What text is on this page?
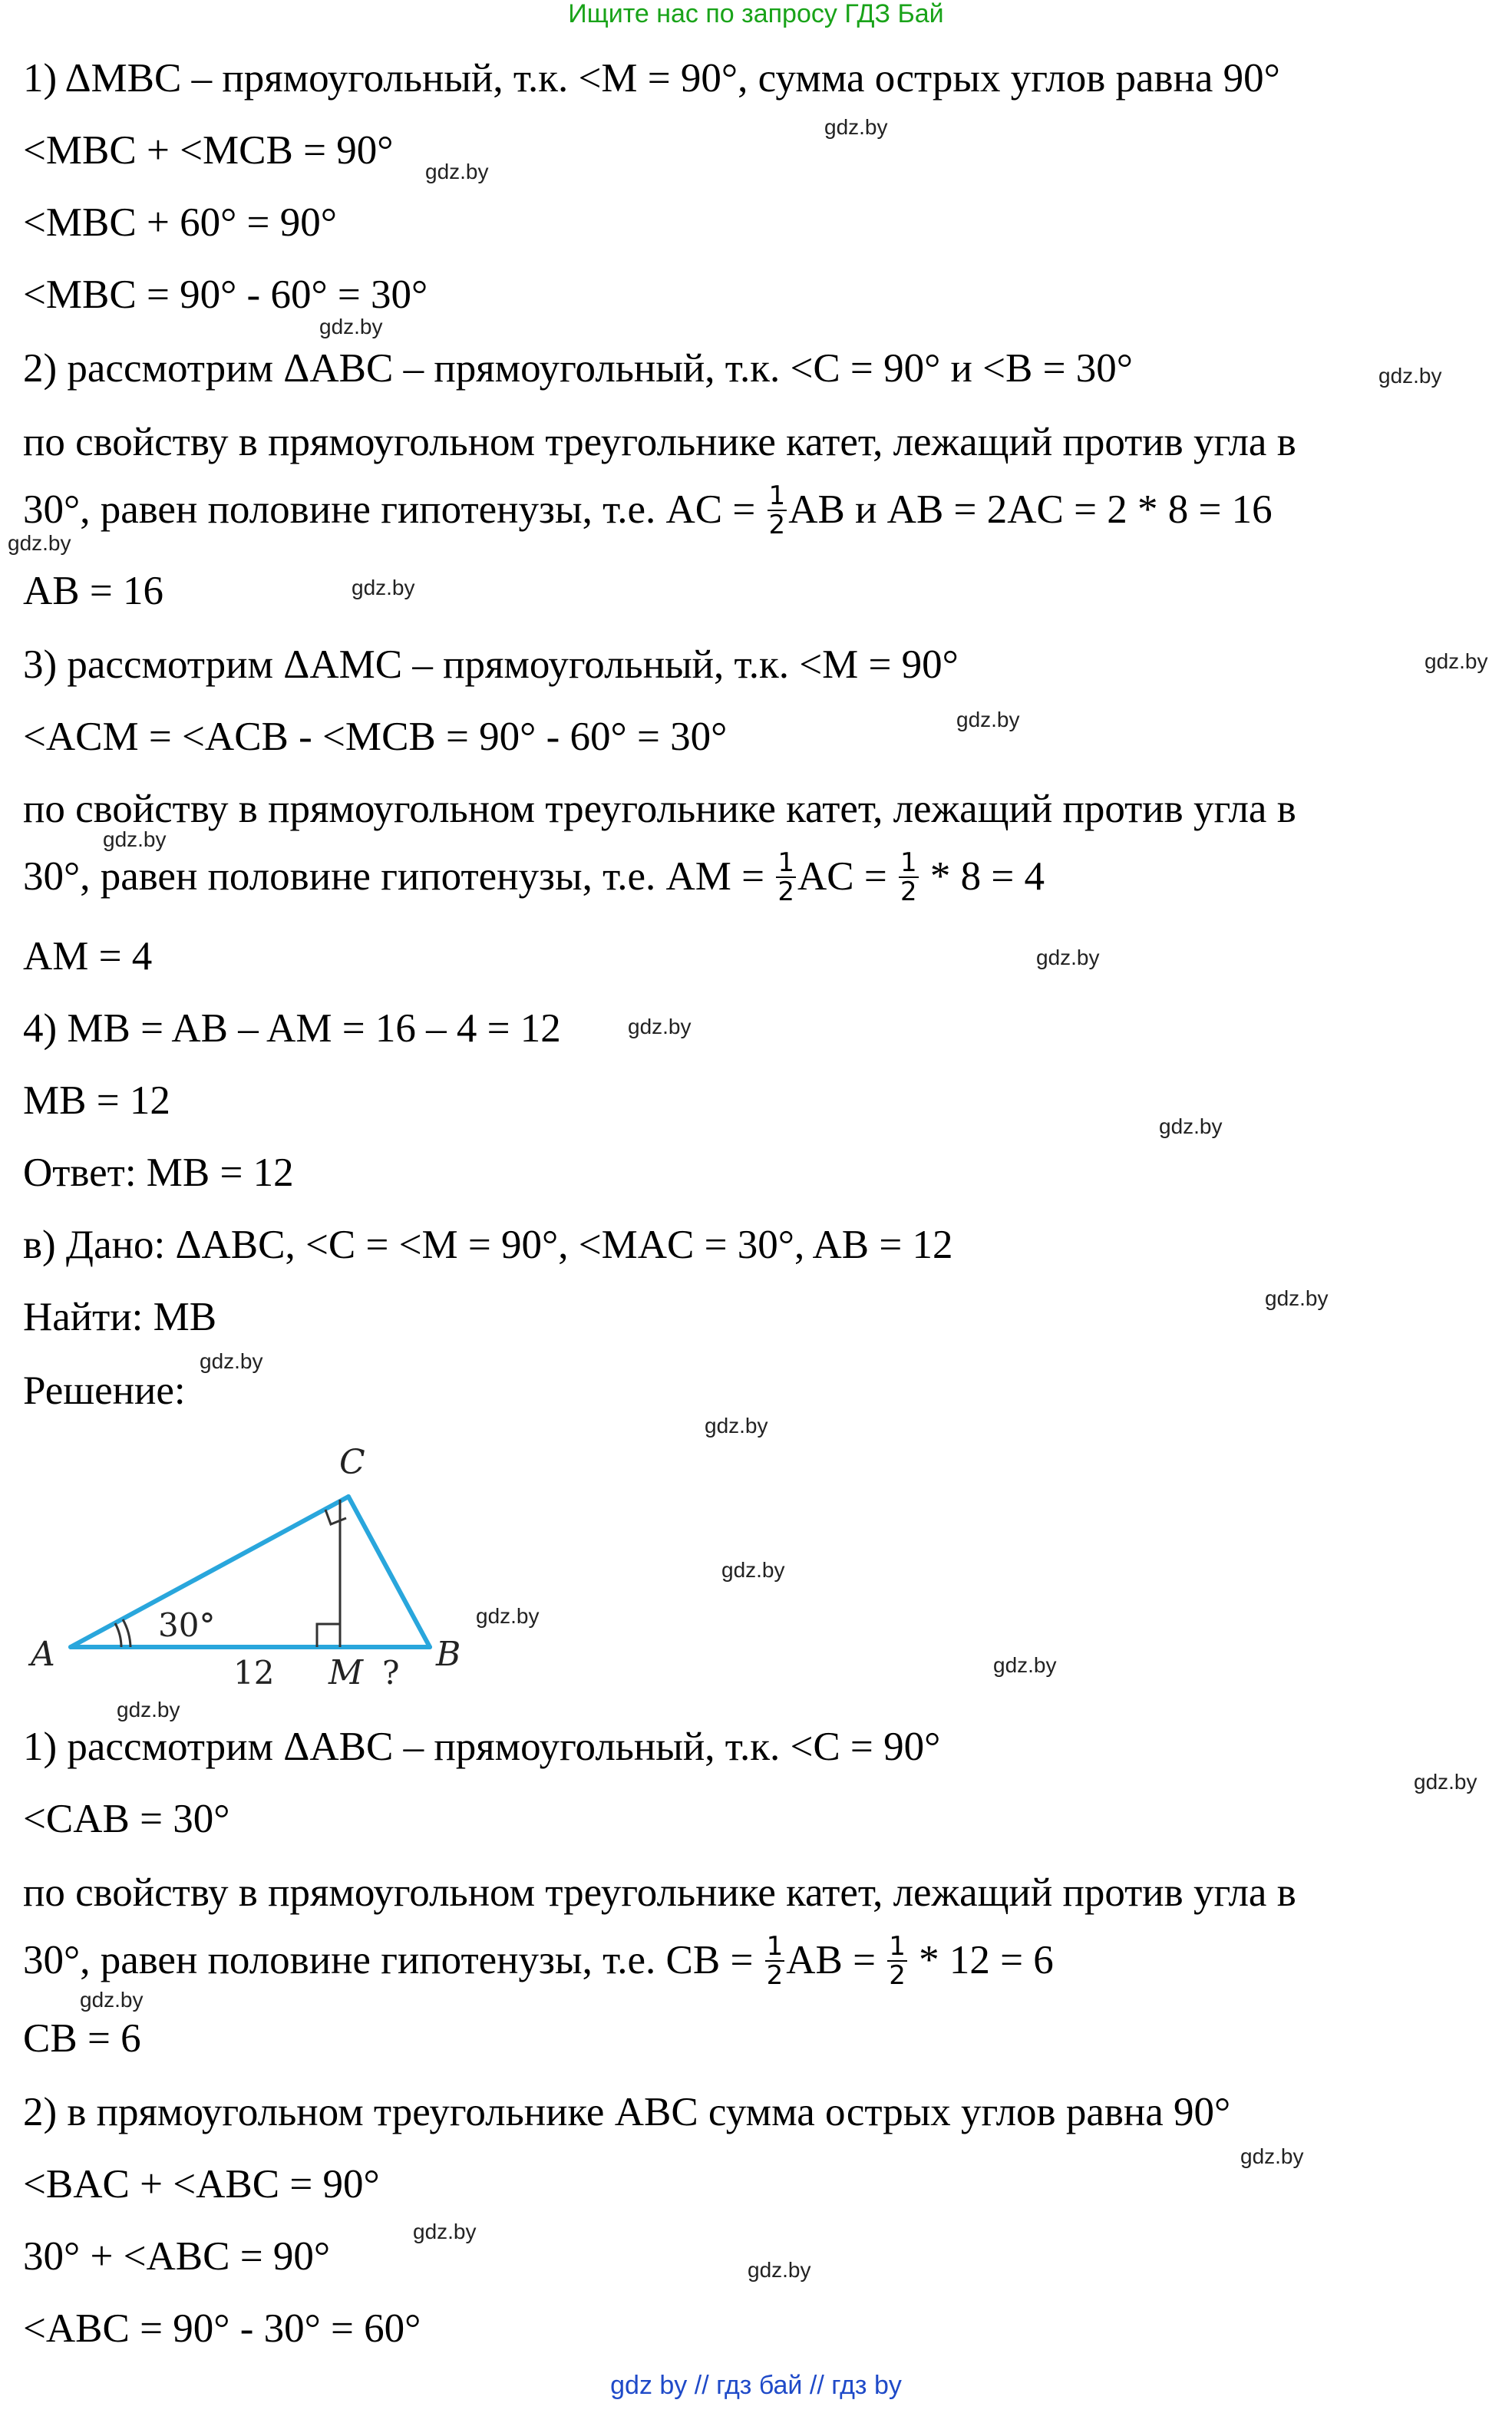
Ищите нас по запросу ГДЗ Бай
1) ΔMBC – прямоугольный, т.к. <M = 90°, сумма острых углов равна 90°
<MBC + <MCB = 90°
<MBC + 60° = 90°
<MBC = 90° - 60° = 30°
2) рассмотрим ΔABC – прямоугольный, т.к. <C = 90° и <B = 30°
по свойству в прямоугольном треугольнике катет, лежащий против угла в
30°, равен половине гипотенузы, т.е. AC = $\frac{1}{2}$ AB и AB = 2AC = 2 * 8 = 16
AB = 16
3) рассмотрим ΔAMC – прямоугольный, т.к. <M = 90°
<ACM = <ACB - <MCB = 90° - 60° = 30°
по свойству в прямоугольном треугольнике катет, лежащий против угла в
30°, равен половине гипотенузы, т.е. AM = $\frac{1}{2}$ AC = $\frac{1}{2} * 8 = 4$
AM = 4
4) MB = AB – AM = 16 – 4 = 12
MB = 12
Ответ: MB = 12
в) Дано: ΔABC, <C = <M = 90°, <MAC = 30°, AB = 12
Найти: MB
Решение:
C
A	B
M
30°
12	?
1) рассмотрим ΔABC – прямоугольный, т.к. <C = 90°
<CAB = 30°
по свойству в прямоугольном треугольнике катет, лежащий против угла в
30°, равен половине гипотенузы, т.е. CB = $\frac{1}{2}$ AB = $\frac{1}{2} * 12 = 6$
CB = 6
2) в прямоугольном треугольнике ABC сумма острых углов равна 90°
<BAC + <ABC = 90°
30° + <ABC = 90°
<ABC = 90° - 30° = 60°
gdz.by
gdz.by
gdz.by
gdz.by
gdz.by
gdz.by
gdz.by
gdz.by
gdz.by
gdz.by
gdz.by
gdz.by
gdz.by
gdz.by
gdz.by
gdz.by
gdz.by
gdz.by
gdz.by
gdz.by
gdz.by
gdz.by
gdz.by
gdz.by
gdz by // гдз бай // гдз by
